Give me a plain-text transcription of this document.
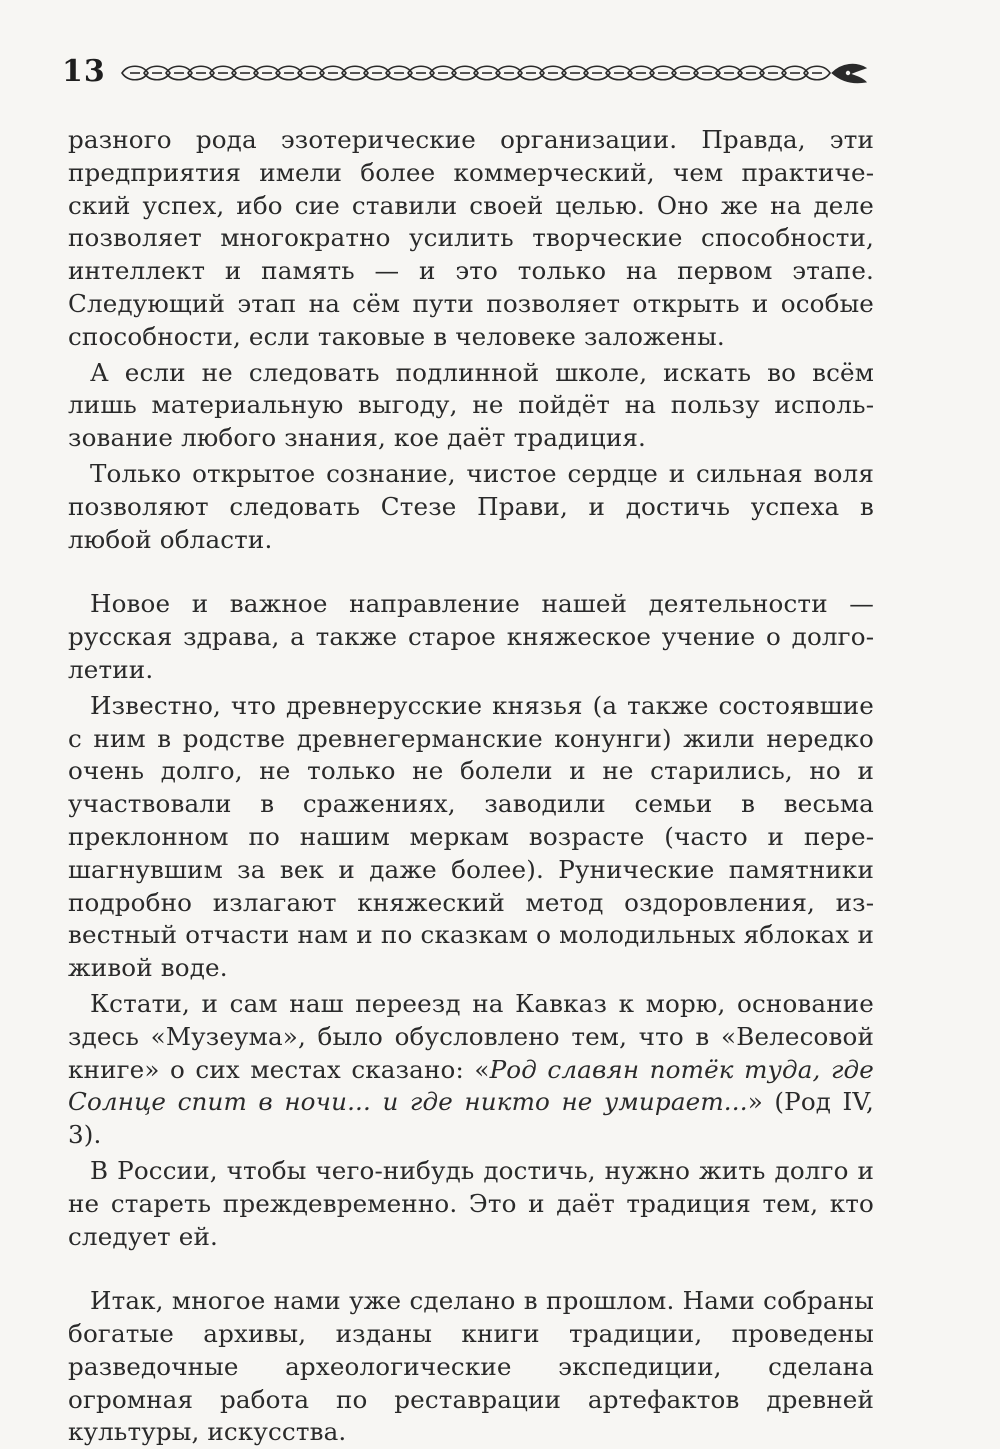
13

разного рода эзотерические организации. Правда, эти предприятия имели более коммерческий, чем практический успех, ибо сие ставили своей целью. Оно же на деле позволяет многократно усилить творческие способности, интеллект и память — и это только на первом этапе. Следующий этап на сём пути позволяет открыть и особые способности, если таковые в человеке заложены.

А если не следовать подлинной школе, искать во всём лишь материальную выгоду, не пойдёт на пользу использование любого знания, кое даёт традиция.

Только открытое сознание, чистое сердце и сильная воля позволяют следовать Стезе Прави, и достичь успеха в любой области.

Новое и важное направление нашей деятельности — русская здрава, а также старое княжеское учение о долголетии.

Известно, что древнерусские князья (а также состоявшие с ним в родстве древнегерманские конунги) жили нередко очень долго, не только не болели и не старились, но и участвовали в сражениях, заводили семьи в весьма преклонном по нашим меркам возрасте (часто и перешагнувшим за век и даже более). Рунические памятники подробно излагают княжеский метод оздоровления, известный отчасти нам и по сказкам о молодильных яблоках и живой воде.

Кстати, и сам наш переезд на Кавказ к морю, основание здесь «Музеума», было обусловлено тем, что в «Велесовой книге» о сих местах сказано: «Род славян потёк туда, где Солнце спит в ночи... и где никто не умирает...» (Род IV, 3).

В России, чтобы чего-нибудь достичь, нужно жить долго и не стареть преждевременно. Это и даёт традиция тем, кто следует ей.

Итак, многое нами уже сделано в прошлом. Нами собраны богатые архивы, изданы книги традиции, проведены разведочные археологические экспедиции, сделана огромная работа по реставрации артефактов древней культуры, искусства.
